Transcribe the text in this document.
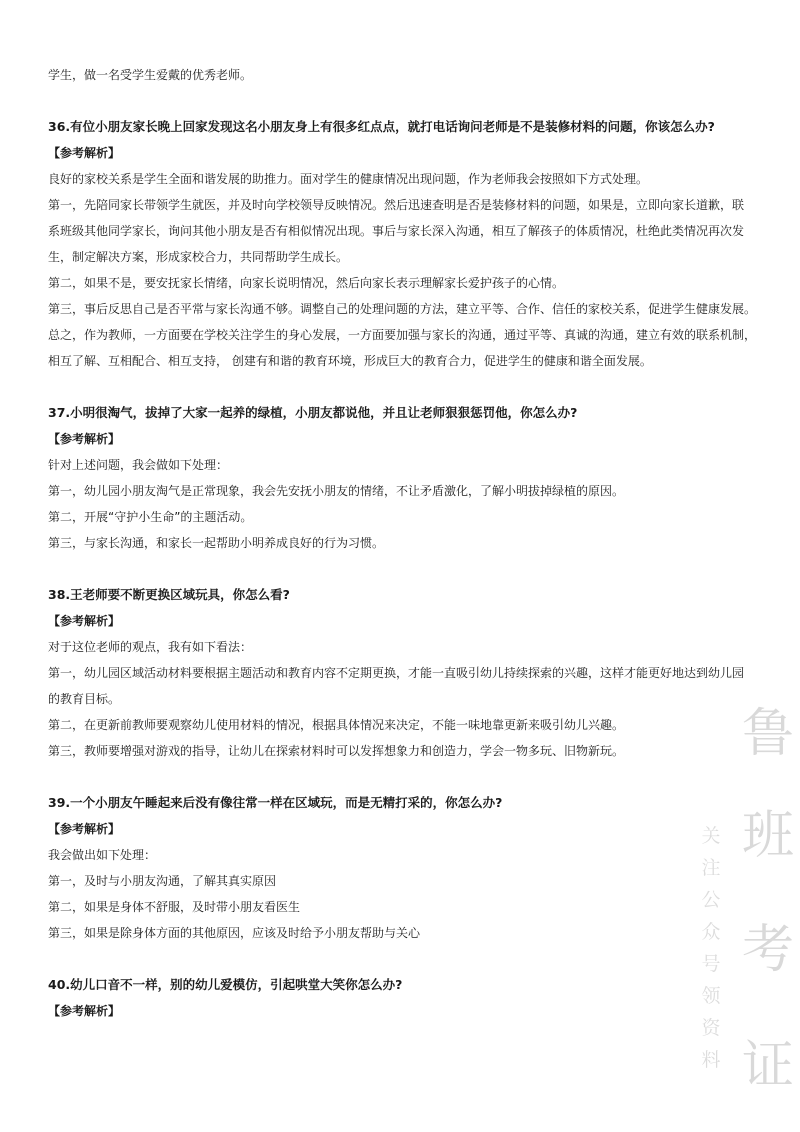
学生，做一名受学生爱戴的优秀老师。

36.有位小朋友家长晚上回家发现这名小朋友身上有很多红点点，就打电话询问老师是不是装修材料的问题，你该怎么办?

【参考解析】

良好的家校关系是学生全面和谐发展的助推力。面对学生的健康情况出现问题，作为老师我会按照如下方式处理。

第一，先陪同家长带领学生就医，并及时向学校领导反映情况。然后迅速查明是否是装修材料的问题，如果是，立即向家长道歉，联

系班级其他同学家长，询问其他小朋友是否有相似情况出现。事后与家长深入沟通，相互了解孩子的体质情况，杜绝此类情况再次发

生，制定解决方案，形成家校合力，共同帮助学生成长。

第二，如果不是，要安抚家长情绪，向家长说明情况，然后向家长表示理解家长爱护孩子的心情。

第三，事后反思自己是否平常与家长沟通不够。调整自己的处理问题的方法，建立平等、合作、信任的家校关系，促进学生健康发展。

总之，作为教师，一方面要在学校关注学生的身心发展，一方面要加强与家长的沟通，通过平等、真诚的沟通，建立有效的联系机制，

相互了解、互相配合、相互支持， 创建有和谐的教育环境，形成巨大的教育合力，促进学生的健康和谐全面发展。

37.小明很淘气，拔掉了大家一起养的绿植，小朋友都说他，并且让老师狠狠惩罚他，你怎么办?

【参考解析】

针对上述问题，我会做如下处理：

第一，幼儿园小朋友淘气是正常现象，我会先安抚小朋友的情绪，不让矛盾激化，了解小明拔掉绿植的原因。

第二，开展“守护小生命”的主题活动。

第三，与家长沟通，和家长一起帮助小明养成良好的行为习惯。

38.王老师要不断更换区域玩具，你怎么看?

【参考解析】

对于这位老师的观点，我有如下看法：

第一，幼儿园区域活动材料要根据主题活动和教育内容不定期更换，才能一直吸引幼儿持续探索的兴趣，这样才能更好地达到幼儿园

的教育目标。

第二，在更新前教师要观察幼儿使用材料的情况，根据具体情况来决定，不能一味地靠更新来吸引幼儿兴趣。

第三，教师要增强对游戏的指导，让幼儿在探索材料时可以发挥想象力和创造力，学会一物多玩、旧物新玩。

39.一个小朋友午睡起来后没有像往常一样在区域玩，而是无精打采的，你怎么办?

【参考解析】

我会做出如下处理：

第一，及时与小朋友沟通，了解其真实原因

第二，如果是身体不舒服，及时带小朋友看医生

第三，如果是除身体方面的其他原因，应该及时给予小朋友帮助与关心

40.幼儿口音不一样，别的幼儿爱模仿，引起哄堂大笑你怎么办?

【参考解析】

鲁
班
考
证
关注公众号领资料
